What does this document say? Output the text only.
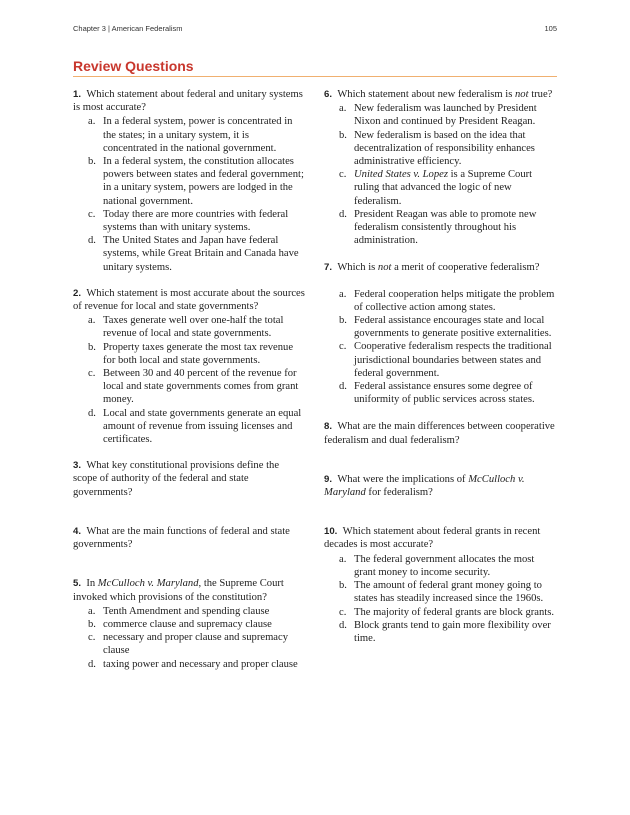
Chapter 3 | American Federalism	105
Review Questions

1. Which statement about federal and unitary systems is most accurate?

a. In a federal system, power is concentrated in the states; in a unitary system, it is concentrated in the national government.
b. In a federal system, the constitution allocates powers between states and federal government; in a unitary system, powers are lodged in the national government.
c. Today there are more countries with federal systems than with unitary systems.
d. The United States and Japan have federal systems, while Great Britain and Canada have unitary systems.

2. Which statement is most accurate about the sources of revenue for local and state governments?

a. Taxes generate well over one-half the total revenue of local and state governments.
b. Property taxes generate the most tax revenue for both local and state governments.
c. Between 30 and 40 percent of the revenue for local and state governments comes from grant money.
d. Local and state governments generate an equal amount of revenue from issuing licenses and certificates.

3. What key constitutional provisions define the scope of authority of the federal and state governments?

4. What are the main functions of federal and state governments?

5. In McCulloch v. Maryland, the Supreme Court invoked which provisions of the constitution?

a. Tenth Amendment and spending clause
b. commerce clause and supremacy clause
c. necessary and proper clause and supremacy clause
d. taxing power and necessary and proper clause

6. Which statement about new federalism is not true?

a. New federalism was launched by President Nixon and continued by President Reagan.
b. New federalism is based on the idea that decentralization of responsibility enhances administrative efficiency.
c. United States v. Lopez is a Supreme Court ruling that advanced the logic of new federalism.
d. President Reagan was able to promote new federalism consistently throughout his administration.

7. Which is not a merit of cooperative federalism?

a. Federal cooperation helps mitigate the problem of collective action among states.
b. Federal assistance encourages state and local governments to generate positive externalities.
c. Cooperative federalism respects the traditional jurisdictional boundaries between states and federal government.
d. Federal assistance ensures some degree of uniformity of public services across states.

8. What are the main differences between cooperative federalism and dual federalism?

9. What were the implications of McCulloch v. Maryland for federalism?

10. Which statement about federal grants in recent decades is most accurate?

a. The federal government allocates the most grant money to income security.
b. The amount of federal grant money going to states has steadily increased since the 1960s.
c. The majority of federal grants are block grants.
d. Block grants tend to gain more flexibility over time.
